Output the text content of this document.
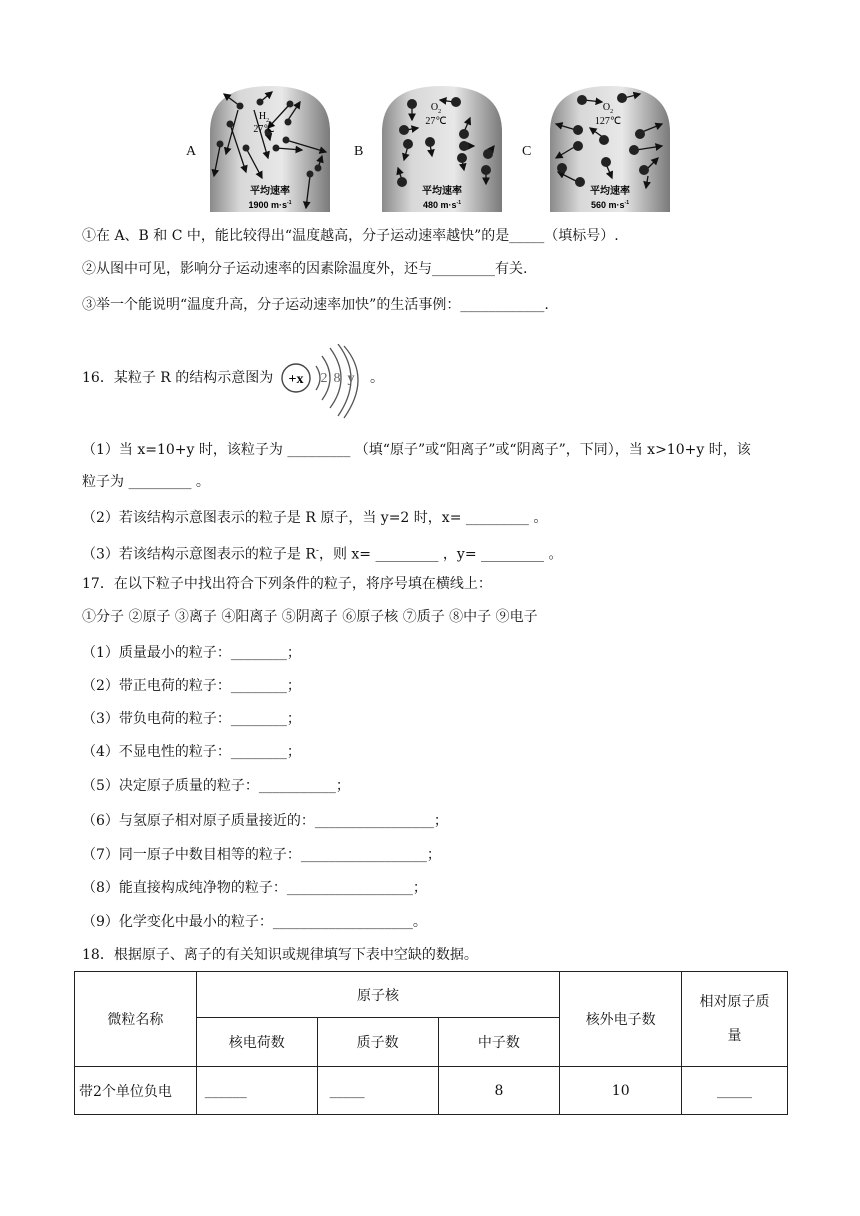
A	B	C
$H_2$
27℃
平均速率
1900 $m\cdot s^{-1}$
$O_2$
27℃
平均速率
480 $m\cdot s^{-1}$
$O_2$
127℃
平均速率
560 $m\cdot s^{-1}$
①在 A、B 和 C 中，能比较得出“温度越高，分子运动速率越快”的是_____（填标号）.
②从图中可见，影响分子运动速率的因素除温度外，还与_________有关.
③举一个能说明“温度升高，分子运动速率加快”的生活事例：____________.
16．某粒子 R 的结构示意图为 +x 2 8 y 。
（1）当 x=10+y 时，该粒子为 _________ （填“原子”或“阳离子”或“阴离子”，下同），当 x>10+y 时，该
粒子为 _________ 。
（2）若该结构示意图表示的粒子是 R 原子，当 y=2 时，x= _________ 。
（3）若该结构示意图表示的粒子是 R-，则 x= _________ ，y= _________ 。
17．在以下粒子中找出符合下列条件的粒子，将序号填在横线上：
①分子 ②原子 ③离子 ④阳离子 ⑤阴离子 ⑥原子核 ⑦质子 ⑧中子 ⑨电子
（1）质量最小的粒子：________；
（2）带正电荷的粒子：________；
（3）带负电荷的粒子：________；
（4）不显电性的粒子：________；
（5）决定原子质量的粒子：___________；
（6）与氢原子相对原子质量接近的：_________________；
（7）同一原子中数目相等的粒子：__________________；
（8）能直接构成纯净物的粒子：__________________；
（9）化学变化中最小的粒子：____________________。
18．根据原子、离子的有关知识或规律填写下表中空缺的数据。
微粒名称	原子核			核外电子数	相对原子质
量
	核电荷数	质子数	中子数		
带2个单位负电	______	_____	8	10	_____
